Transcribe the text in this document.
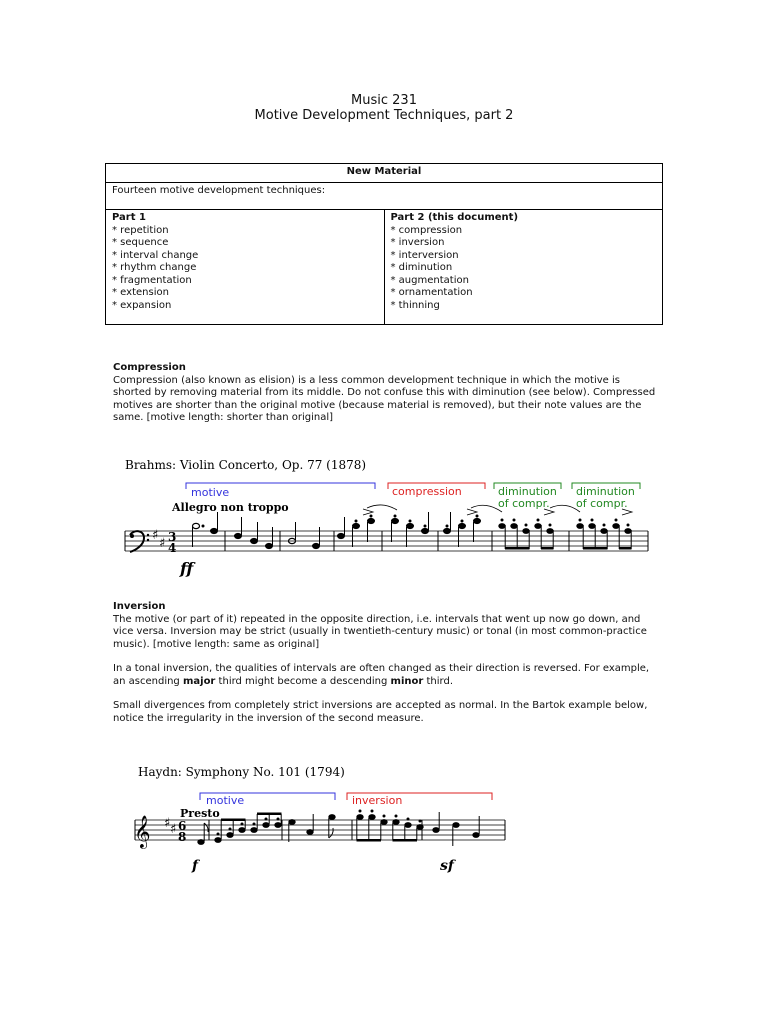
Music 231
Motive Development Techniques, part 2
New Material
Fourteen motive development techniques:

Part 1
* repetition
* sequence
* interval change
* rhythm change
* fragmentation
* extension
* expansion

Part 2 (this document)
* compression
* inversion
* interversion
* diminution
* augmentation
* ornamentation
* thinning
Compression

Compression (also known as elision) is a less common development technique in which the motive is shorted by removing material from its middle. Do not confuse this with diminution (see below). Compressed motives are shorter than the original motive (because material is removed), but their note values are the same. [motive length: shorter than original]

Brahms: Violin Concerto, Op. 77 (1878)
motive	compression	diminution
of compr.
diminution
of compr.
Allegro non troppo
♯
♯ 3
4
ff
Inversion

The motive (or part of it) repeated in the opposite direction, i.e. intervals that went up now go down, and vice versa. Inversion may be strict (usually in twentieth-century music) or tonal (in most common-practice music). [motive length: same as original]

In a tonal inversion, the qualities of intervals are often changed as their direction is reversed. For example, an ascending major third might become a descending minor third.

Small divergences from completely strict inversions are accepted as normal. In the Bartok example below, notice the irregularity in the inversion of the second measure.

Haydn: Symphony No. 101 (1794)
motive	inversion
Presto
𝄞 ♯ ♯ 6
8
f	sf
